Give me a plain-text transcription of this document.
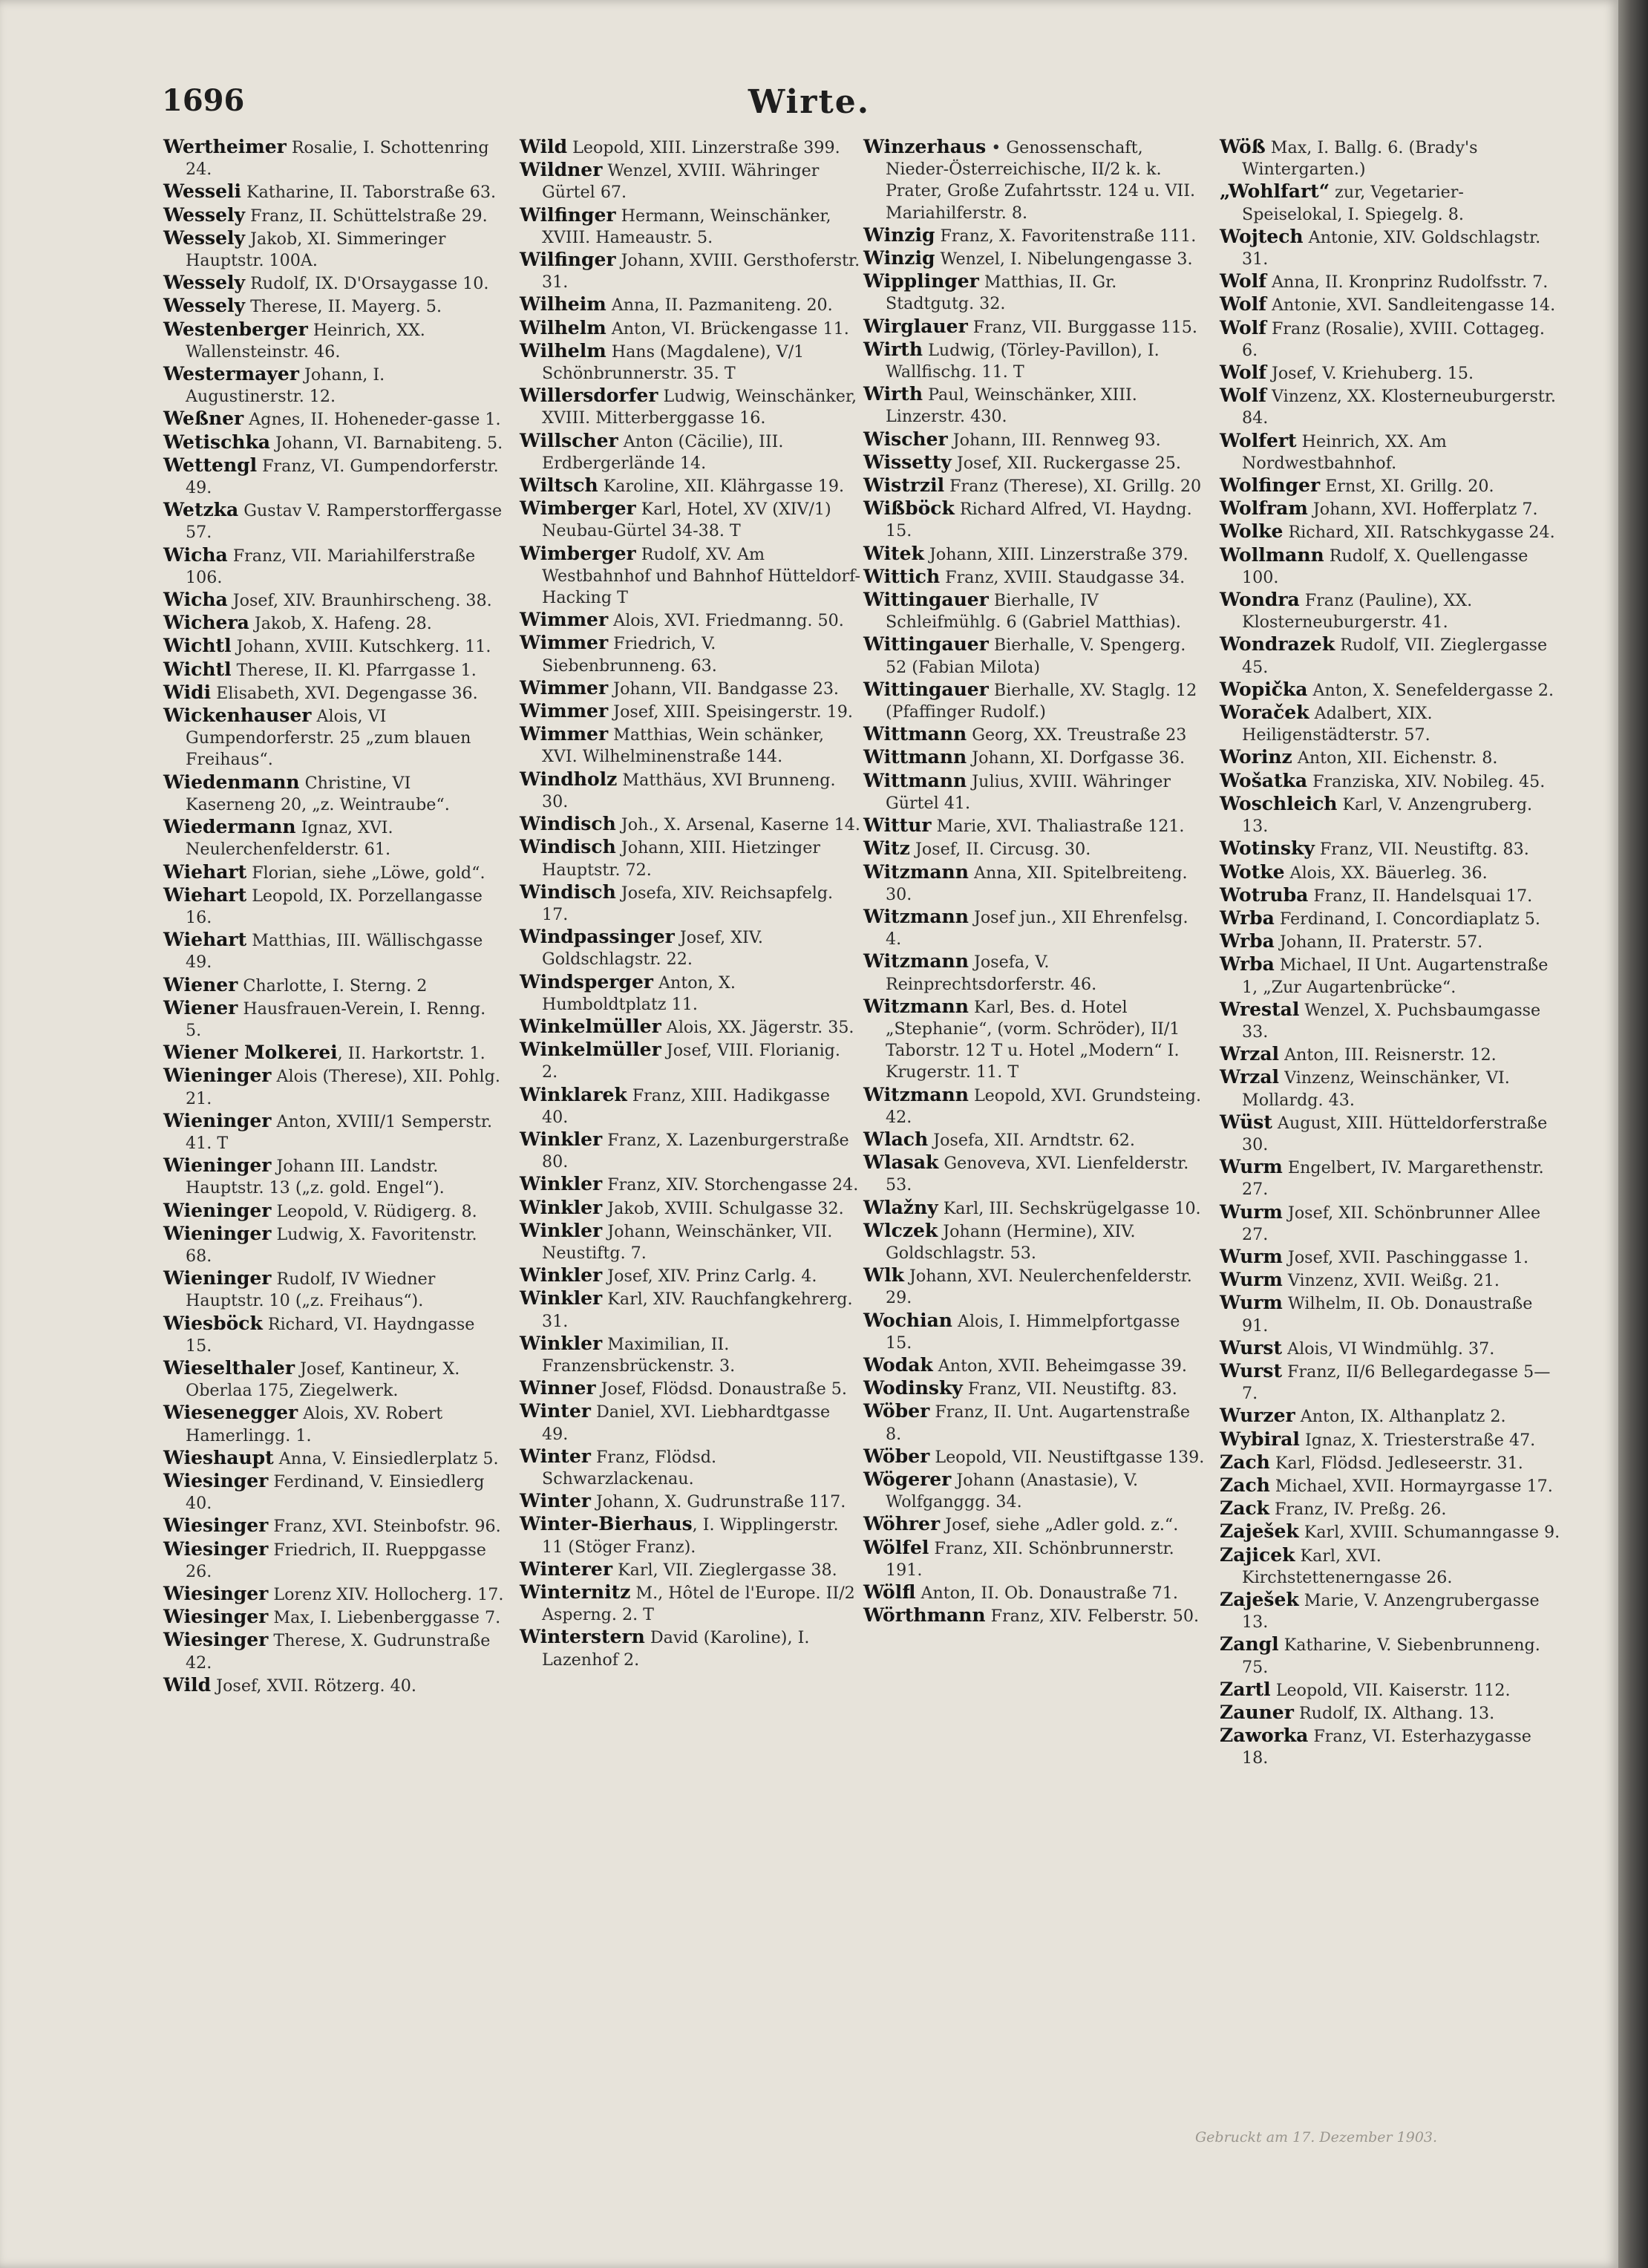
1696	Wirte.

Wertheimer Rosalie, I. Schottenring 24.

Wesseli Katharine, II. Taborstraße 63.

Wessely Franz, II. Schüttelstraße 29.

Wessely Jakob, XI. Simmeringer Hauptstr. 100A.

Wessely Rudolf, IX. D'Orsaygasse 10.

Wessely Therese, II. Mayerg. 5.

Westenberger Heinrich, XX. Wallensteinstr. 46.

Westermayer Johann, I. Augustinerstr. 12.

Weßner Agnes, II. Hoheneder-gasse 1.

Wetischka Johann, VI. Barnabiteng. 5.

Wettengl Franz, VI. Gumpendorferstr. 49.

Wetzka Gustav V. Ramperstorffergasse 57.

Wicha Franz, VII. Mariahilferstraße 106.

Wicha Josef, XIV. Braunhirscheng. 38.

Wichera Jakob, X. Hafeng. 28.

Wichtl Johann, XVIII. Kutschkerg. 11.

Wichtl Therese, II. Kl. Pfarrgasse 1.

Widi Elisabeth, XVI. Degengasse 36.

Wickenhauser Alois, VI Gumpendorferstr. 25 „zum blauen Freihaus“.

Wiedenmann Christine, VI Kaserneng 20, „z. Weintraube“.

Wiedermann Ignaz, XVI. Neulerchenfelderstr. 61.

Wiehart Florian, siehe „Löwe, gold“.

Wiehart Leopold, IX. Porzellangasse 16.

Wiehart Matthias, III. Wällischgasse 49.

Wiener Charlotte, I. Sterng. 2

Wiener Hausfrauen-Verein, I. Renng. 5.

Wiener Molkerei, II. Harkortstr. 1.

Wieninger Alois (Therese), XII. Pohlg. 21.

Wieninger Anton, XVIII/1 Semperstr. 41. T

Wieninger Johann III. Landstr. Hauptstr. 13 („z. gold. Engel“).

Wieninger Leopold, V. Rüdigerg. 8.

Wieninger Ludwig, X. Favoritenstr. 68.

Wieninger Rudolf, IV Wiedner Hauptstr. 10 („z. Freihaus“).

Wiesböck Richard, VI. Haydngasse 15.

Wieselthaler Josef, Kantineur, X. Oberlaa 175, Ziegelwerk.

Wiesenegger Alois, XV. Robert Hamerlingg. 1.

Wieshaupt Anna, V. Einsiedlerplatz 5.

Wiesinger Ferdinand, V. Einsiedlerg 40.

Wiesinger Franz, XVI. Steinbofstr. 96.

Wiesinger Friedrich, II. Rueppgasse 26.

Wiesinger Lorenz XIV. Hollocherg. 17.

Wiesinger Max, I. Liebenberggasse 7.

Wiesinger Therese, X. Gudrunstraße 42.

Wild Josef, XVII. Rötzerg. 40.

Wild Leopold, XIII. Linzerstraße 399.

Wildner Wenzel, XVIII. Währinger Gürtel 67.

Wilfinger Hermann, Weinschänker, XVIII. Hameaustr. 5.

Wilfinger Johann, XVIII. Gersthoferstr. 31.

Wilheim Anna, II. Pazmaniteng. 20.

Wilhelm Anton, VI. Brückengasse 11.

Wilhelm Hans (Magdalene), V/1 Schönbrunnerstr. 35. T

Willersdorfer Ludwig, Weinschänker, XVIII. Mitterberggasse 16.

Willscher Anton (Cäcilie), III. Erdbergerlände 14.

Wiltsch Karoline, XII. Klährgasse 19.

Wimberger Karl, Hotel, XV (XIV/1) Neubau-Gürtel 34-38. T

Wimberger Rudolf, XV. Am Westbahnhof und Bahnhof Hütteldorf-Hacking T

Wimmer Alois, XVI. Friedmanng. 50.

Wimmer Friedrich, V. Siebenbrunneng. 63.

Wimmer Johann, VII. Bandgasse 23.

Wimmer Josef, XIII. Speisingerstr. 19.

Wimmer Matthias, Wein schänker, XVI. Wilhelminenstraße 144.

Windholz Matthäus, XVI Brunneng. 30.

Windisch Joh., X. Arsenal, Kaserne 14.

Windisch Johann, XIII. Hietzinger Hauptstr. 72.

Windisch Josefa, XIV. Reichsapfelg. 17.

Windpassinger Josef, XIV. Goldschlagstr. 22.

Windsperger Anton, X. Humboldtplatz 11.

Winkelmüller Alois, XX. Jägerstr. 35.

Winkelmüller Josef, VIII. Florianig. 2.

Winklarek Franz, XIII. Hadikgasse 40.

Winkler Franz, X. Lazenburgerstraße 80.

Winkler Franz, XIV. Storchengasse 24.

Winkler Jakob, XVIII. Schulgasse 32.

Winkler Johann, Weinschänker, VII. Neustiftg. 7.

Winkler Josef, XIV. Prinz Carlg. 4.

Winkler Karl, XIV. Rauchfangkehrerg. 31.

Winkler Maximilian, II. Franzensbrückenstr. 3.

Winner Josef, Flödsd. Donaustraße 5.

Winter Daniel, XVI. Liebhardtgasse 49.

Winter Franz, Flödsd. Schwarzlackenau.

Winter Johann, X. Gudrunstraße 117.

Winter-Bierhaus, I. Wipplingerstr. 11 (Stöger Franz).

Winterer Karl, VII. Zieglergasse 38.

Winternitz M., Hôtel de l'Europe. II/2 Asperng. 2. T

Winterstern David (Karoline), I. Lazenhof 2.

Winzerhaus • Genossenschaft, Nieder-Österreichische, II/2 k. k. Prater, Große Zufahrtsstr. 124 u. VII. Mariahilferstr. 8.

Winzig Franz, X. Favoritenstraße 111.

Winzig Wenzel, I. Nibelungengasse 3.

Wipplinger Matthias, II. Gr. Stadtgutg. 32.

Wirglauer Franz, VII. Burggasse 115.

Wirth Ludwig, (Törley-Pavillon), I. Wallfischg. 11. T

Wirth Paul, Weinschänker, XIII. Linzerstr. 430.

Wischer Johann, III. Rennweg 93.

Wissetty Josef, XII. Ruckergasse 25.

Wistrzil Franz (Therese), XI. Grillg. 20

Wißböck Richard Alfred, VI. Haydng. 15.

Witek Johann, XIII. Linzerstraße 379.

Wittich Franz, XVIII. Staudgasse 34.

Wittingauer Bierhalle, IV Schleifmühlg. 6 (Gabriel Matthias).

Wittingauer Bierhalle, V. Spengerg. 52 (Fabian Milota)

Wittingauer Bierhalle, XV. Staglg. 12 (Pfaffinger Rudolf.)

Wittmann Georg, XX. Treustraße 23

Wittmann Johann, XI. Dorfgasse 36.

Wittmann Julius, XVIII. Währinger Gürtel 41.

Wittur Marie, XVI. Thaliastraße 121.

Witz Josef, II. Circusg. 30.

Witzmann Anna, XII. Spitelbreiteng. 30.

Witzmann Josef jun., XII Ehrenfelsg. 4.

Witzmann Josefa, V. Reinprechtsdorferstr. 46.

Witzmann Karl, Bes. d. Hotel „Stephanie“, (vorm. Schröder), II/1 Taborstr. 12 T u. Hotel „Modern“ I. Krugerstr. 11. T

Witzmann Leopold, XVI. Grundsteing. 42.

Wlach Josefa, XII. Arndtstr. 62.

Wlasak Genoveva, XVI. Lienfelderstr. 53.

Wlažny Karl, III. Sechskrügelgasse 10.

Wlczek Johann (Hermine), XIV. Goldschlagstr. 53.

Wlk Johann, XVI. Neulerchenfelderstr. 29.

Wochian Alois, I. Himmelpfortgasse 15.

Wodak Anton, XVII. Beheimgasse 39.

Wodinsky Franz, VII. Neustiftg. 83.

Wöber Franz, II. Unt. Augartenstraße 8.

Wöber Leopold, VII. Neustiftgasse 139.

Wögerer Johann (Anastasie), V. Wolfganggg. 34.

Wöhrer Josef, siehe „Adler gold. z.“.

Wölfel Franz, XII. Schönbrunnerstr. 191.

Wölfl Anton, II. Ob. Donaustraße 71.

Wörthmann Franz, XIV. Felberstr. 50.

Wöß Max, I. Ballg. 6. (Brady's Wintergarten.)

„Wohlfart“ zur, Vegetarier-Speiselokal, I. Spiegelg. 8.

Wojtech Antonie, XIV. Goldschlagstr. 31.

Wolf Anna, II. Kronprinz Rudolfsstr. 7.

Wolf Antonie, XVI. Sandleitengasse 14.

Wolf Franz (Rosalie), XVIII. Cottageg. 6.

Wolf Josef, V. Kriehuberg. 15.

Wolf Vinzenz, XX. Klosterneuburgerstr. 84.

Wolfert Heinrich, XX. Am Nordwestbahnhof.

Wolfinger Ernst, XI. Grillg. 20.

Wolfram Johann, XVI. Hofferplatz 7.

Wolke Richard, XII. Ratschkygasse 24.

Wollmann Rudolf, X. Quellengasse 100.

Wondra Franz (Pauline), XX. Klosterneuburgerstr. 41.

Wondrazek Rudolf, VII. Zieglergasse 45.

Wopička Anton, X. Senefeldergasse 2.

Woraček Adalbert, XIX. Heiligenstädterstr. 57.

Worinz Anton, XII. Eichenstr. 8.

Wošatka Franziska, XIV. Nobileg. 45.

Woschleich Karl, V. Anzengruberg. 13.

Wotinsky Franz, VII. Neustiftg. 83.

Wotke Alois, XX. Bäuerleg. 36.

Wotruba Franz, II. Handelsquai 17.

Wrba Ferdinand, I. Concordiaplatz 5.

Wrba Johann, II. Praterstr. 57.

Wrba Michael, II Unt. Augartenstraße 1, „Zur Augartenbrücke“.

Wrestal Wenzel, X. Puchsbaumgasse 33.

Wrzal Anton, III. Reisnerstr. 12.

Wrzal Vinzenz, Weinschänker, VI. Mollardg. 43.

Wüst August, XIII. Hütteldorferstraße 30.

Wurm Engelbert, IV. Margarethenstr. 27.

Wurm Josef, XII. Schönbrunner Allee 27.

Wurm Josef, XVII. Paschinggasse 1.

Wurm Vinzenz, XVII. Weißg. 21.

Wurm Wilhelm, II. Ob. Donaustraße 91.

Wurst Alois, VI Windmühlg. 37.

Wurst Franz, II/6 Bellegardegasse 5—7.

Wurzer Anton, IX. Althanplatz 2.

Wybiral Ignaz, X. Triesterstraße 47.

Zach Karl, Flödsd. Jedleseerstr. 31.

Zach Michael, XVII. Hormayrgasse 17.

Zack Franz, IV. Preßg. 26.

Zaješek Karl, XVIII. Schumanngasse 9.

Zajicek Karl, XVI. Kirchstettenerngasse 26.

Zaješek Marie, V. Anzengrubergasse 13.

Zangl Katharine, V. Siebenbrunneng. 75.

Zartl Leopold, VII. Kaiserstr. 112.

Zauner Rudolf, IX. Althang. 13.

Zaworka Franz, VI. Esterhazygasse 18.

Gebruckt am 17. Dezember 1903.
